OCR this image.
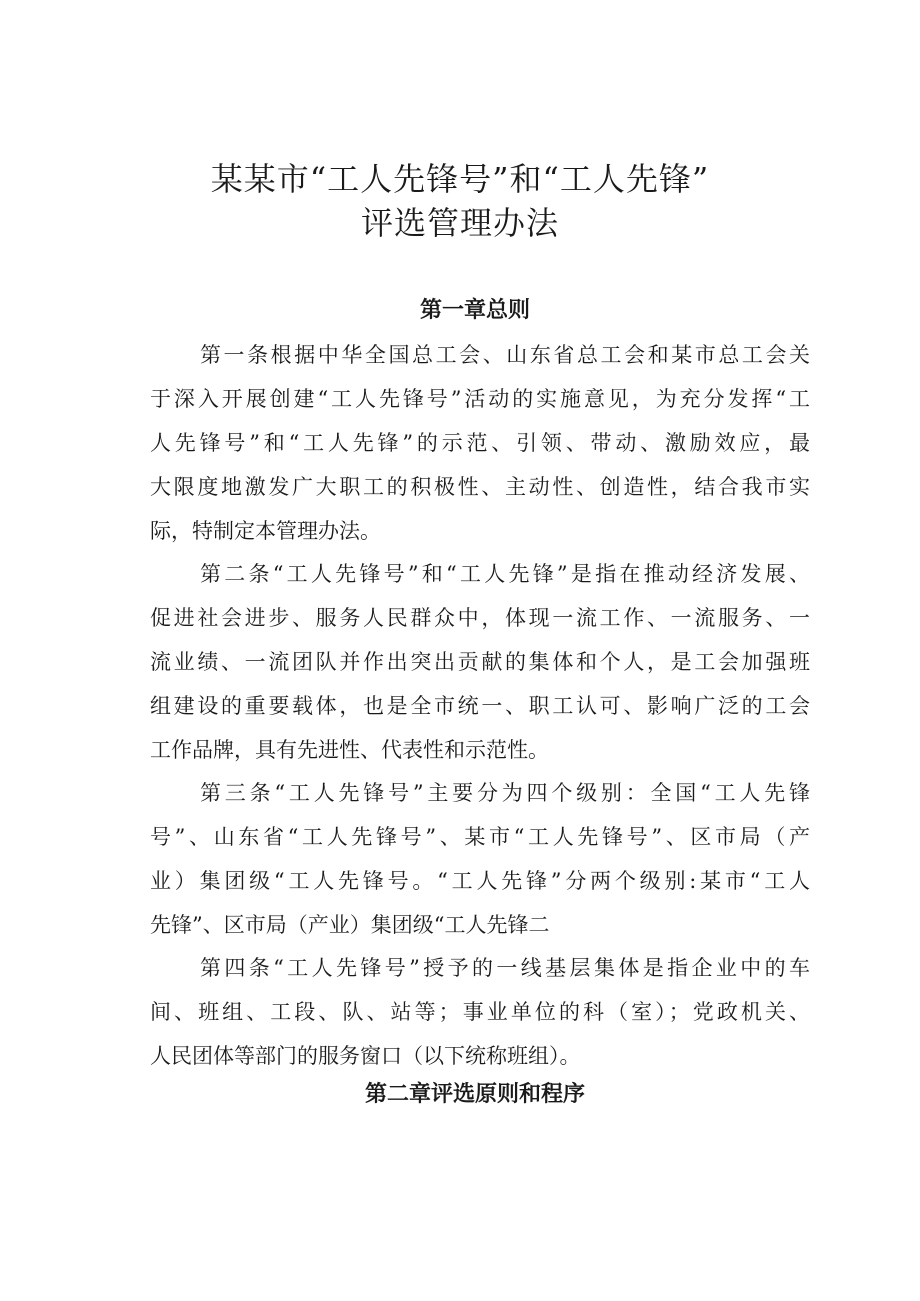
某某市“工人先锋号”和“工人先锋”
评选管理办法
第一章总则
第一条根据中华全国总工会、山东省总工会和某市总工会关
于深入开展创建“工人先锋号”活动的实施意见，为充分发挥“工
人先锋号”和“工人先锋”的示范、引领、带动、激励效应，最
大限度地激发广大职工的积极性、主动性、创造性，结合我市实
际，特制定本管理办法。
第二条“工人先锋号”和“工人先锋”是指在推动经济发展、
促进社会进步、服务人民群众中，体现一流工作、一流服务、一
流业绩、一流团队并作出突出贡献的集体和个人，是工会加强班
组建设的重要载体，也是全市统一、职工认可、影响广泛的工会
工作品牌，具有先进性、代表性和示范性。
第三条“工人先锋号”主要分为四个级别：全国“工人先锋
号”、山东省“工人先锋号”、某市“工人先锋号”、区市局（产
业）集团级“工人先锋号。“工人先锋”分两个级别:某市“工人
先锋”、区市局（产业）集团级“工人先锋二
第四条“工人先锋号”授予的一线基层集体是指企业中的车
间、班组、工段、队、站等；事业单位的科（室）；党政机关、
人民团体等部门的服务窗口（以下统称班组）。
第二章评选原则和程序
